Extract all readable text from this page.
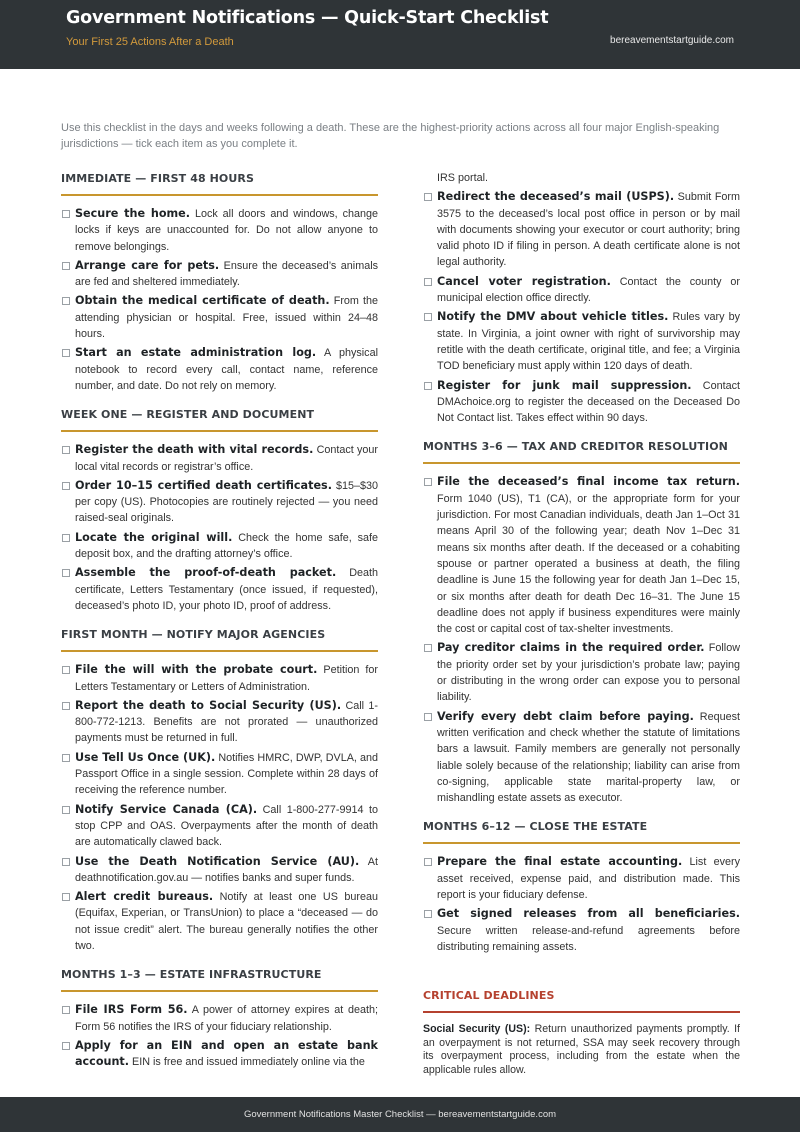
Government Notifications — Quick-Start Checklist
Your First 25 Actions After a Death	bereavementstartguide.com
Use this checklist in the days and weeks following a death. These are the highest-priority actions across all four major English-speaking jurisdictions — tick each item as you complete it.
IMMEDIATE — FIRST 48 HOURS
Secure the home. Lock all doors and windows, change locks if keys are unaccounted for. Do not allow anyone to remove belongings.
Arrange care for pets. Ensure the deceased’s animals are fed and sheltered immediately.
Obtain the medical certificate of death. From the attending physician or hospital. Free, issued within 24–48 hours.
Start an estate administration log. A physical notebook to record every call, contact name, reference number, and date. Do not rely on memory.
WEEK ONE — REGISTER AND DOCUMENT
Register the death with vital records. Contact your local vital records or registrar’s office.
Order 10–15 certified death certificates. $15–$30 per copy (US). Photocopies are routinely rejected — you need raised-seal originals.
Locate the original will. Check the home safe, safe deposit box, and the drafting attorney’s office.
Assemble the proof-of-death packet. Death certificate, Letters Testamentary (once issued, if requested), deceased’s photo ID, your photo ID, proof of address.
FIRST MONTH — NOTIFY MAJOR AGENCIES
File the will with the probate court. Petition for Letters Testamentary or Letters of Administration.
Report the death to Social Security (US). Call 1-800-772-1213. Benefits are not prorated — unauthorized payments must be returned in full.
Use Tell Us Once (UK). Notifies HMRC, DWP, DVLA, and Passport Office in a single session. Complete within 28 days of receiving the reference number.
Notify Service Canada (CA). Call 1-800-277-9914 to stop CPP and OAS. Overpayments after the month of death are automatically clawed back.
Use the Death Notification Service (AU). At deathnotification.gov.au — notifies banks and super funds.
Alert credit bureaus. Notify at least one US bureau (Equifax, Experian, or TransUnion) to place a “deceased — do not issue credit” alert. The bureau generally notifies the other two.
MONTHS 1–3 — ESTATE INFRASTRUCTURE
File IRS Form 56. A power of attorney expires at death; Form 56 notifies the IRS of your fiduciary relationship.
Apply for an EIN and open an estate bank account. EIN is free and issued immediately online via the
IRS portal.
Redirect the deceased’s mail (USPS). Submit Form 3575 to the deceased’s local post office in person or by mail with documents showing your executor or court authority; bring valid photo ID if filing in person. A death certificate alone is not legal authority.
Cancel voter registration. Contact the county or municipal election office directly.
Notify the DMV about vehicle titles. Rules vary by state. In Virginia, a joint owner with right of survivorship may retitle with the death certificate, original title, and fee; a Virginia TOD beneficiary must apply within 120 days of death.
Register for junk mail suppression. Contact DMAchoice.org to register the deceased on the Deceased Do Not Contact list. Takes effect within 90 days.
MONTHS 3–6 — TAX AND CREDITOR RESOLUTION
File the deceased’s final income tax return. Form 1040 (US), T1 (CA), or the appropriate form for your jurisdiction. For most Canadian individuals, death Jan 1–Oct 31 means April 30 of the following year; death Nov 1–Dec 31 means six months after death. If the deceased or a cohabiting spouse or partner operated a business at death, the filing deadline is June 15 the following year for death Jan 1–Dec 15, or six months after death for death Dec 16–31. The June 15 deadline does not apply if business expenditures were mainly the cost or capital cost of tax-shelter investments.
Pay creditor claims in the required order. Follow the priority order set by your jurisdiction’s probate law; paying or distributing in the wrong order can expose you to personal liability.
Verify every debt claim before paying. Request written verification and check whether the statute of limitations bars a lawsuit. Family members are generally not personally liable solely because of the relationship; liability can arise from co-signing, applicable state marital-property law, or mishandling estate assets as executor.
MONTHS 6–12 — CLOSE THE ESTATE
Prepare the final estate accounting. List every asset received, expense paid, and distribution made. This report is your fiduciary defense.
Get signed releases from all beneficiaries. Secure written release-and-refund agreements before distributing remaining assets.
CRITICAL DEADLINES
Social Security (US): Return unauthorized payments promptly. If an overpayment is not returned, SSA may seek recovery through its overpayment process, including from the estate when the applicable rules allow.
Government Notifications Master Checklist — bereavementstartguide.com
